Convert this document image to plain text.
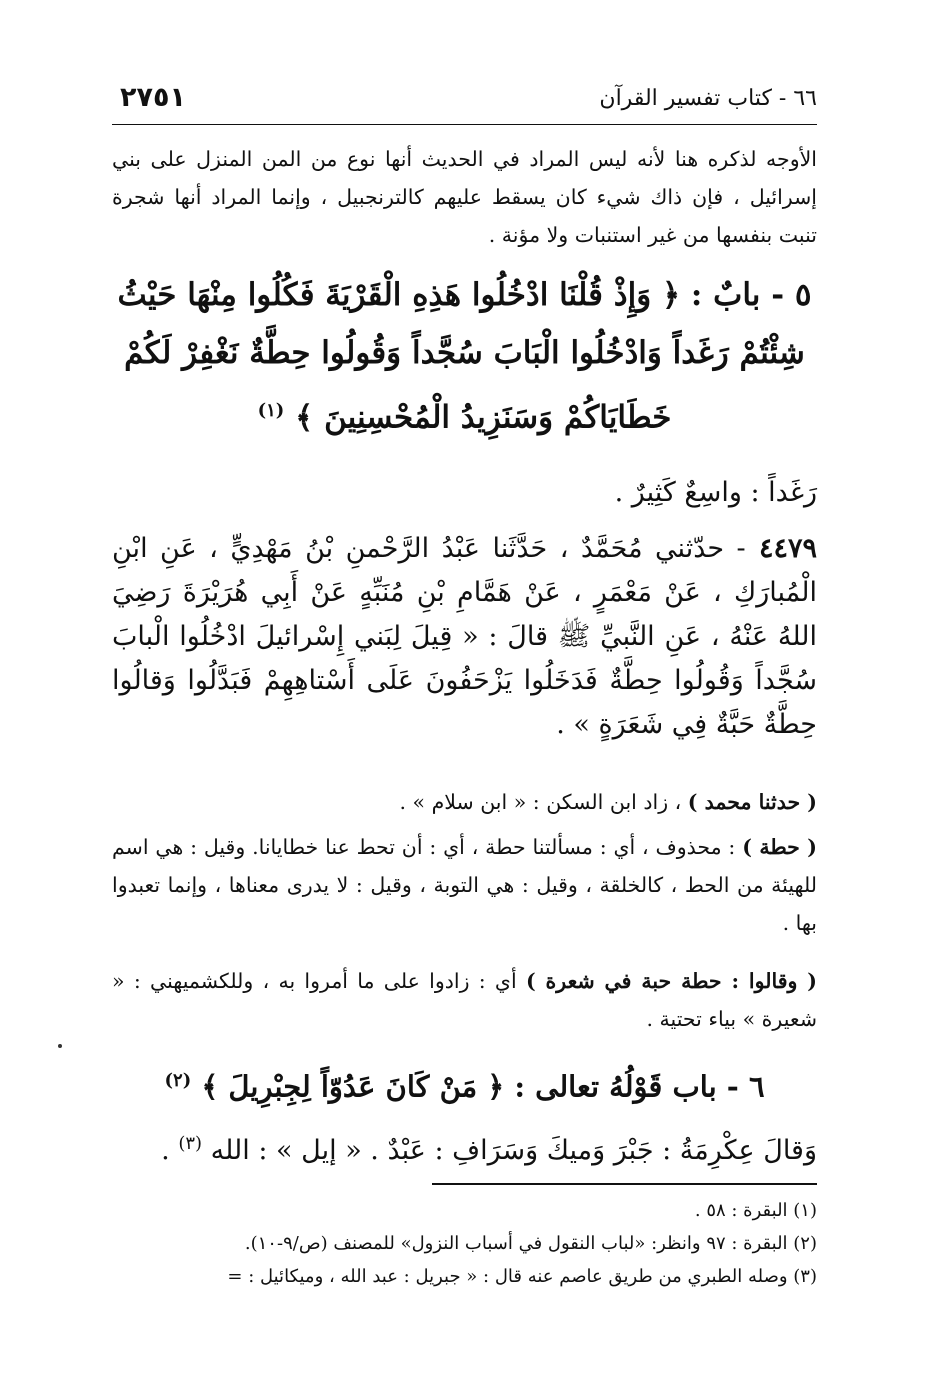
٦٦ - كتاب تفسير القرآن
٢٧٥١
الأوجه لذكره هنا لأنه ليس المراد في الحديث أنها نوع من المن المنزل على بني إسرائيل ، فإن ذاك شيء كان يسقط عليهم كالترنجبيل ، وإنما المراد أنها شجرة تنبت بنفسها من غير استنبات ولا مؤنة .
٥ - بابٌ : ﴿ وَإِذْ قُلْنَا ادْخُلُوا هَذِهِ الْقَرْيَةَ فَكُلُوا مِنْهَا حَيْثُ
شِئْتُمْ رَغَداً وَادْخُلُوا الْبَابَ سُجَّداً وَقُولُوا حِطَّةٌ نَغْفِرْ لَكُمْ
خَطَايَاكُمْ وَسَنَزِيدُ الْمُحْسِنِينَ ﴾ $^{(١)}$
رَغَداً : واسِعٌ كَثِيرٌ .
٤٤٧٩ - حدّثني مُحَمَّدٌ ، حَدَّثَنا عَبْدُ الرَّحْمنِ بْنُ مَهْدِيٍّ ، عَنِ ابْنِ الْمُبارَكِ ، عَنْ مَعْمَرٍ ، عَنْ هَمَّامِ بْنِ مُنَبِّهٍ عَنْ أَبِي هُرَيْرَةَ رَضِيَ اللهُ عَنْهُ ، عَنِ النَّبيِّ ﷺ قالَ : « قِيلَ لِبَني إِسْرائيلَ ادْخُلُوا الْبابَ سُجَّداً وَقُولُوا حِطَّةٌ فَدَخَلُوا يَزْحَفُونَ عَلَى أَسْتاهِهِمْ فَبَدَّلُوا وَقالُوا حِطَّةٌ حَبَّةٌ فِي شَعَرَةٍ » .
( حدثنا محمد ) ، زاد ابن السكن : « ابن سلام » .
( حطة ) : محذوف ، أي : مسألتنا حطة ، أي : أن تحط عنا خطايانا. وقيل : هي اسم للهيئة من الحط ، كالخلقة ، وقيل : هي التوبة ، وقيل : لا يدرى معناها ، وإنما تعبدوا بها .
( وقالوا : حطة حبة في شعرة ) أي : زادوا على ما أمروا به ، وللكشميهني : « شعيرة » بياء تحتية .
٦ - باب قَوْلُهُ تعالى : ﴿ مَنْ كَانَ عَدُوّاً لِجِبْرِيلَ ﴾ $^{(٢)}$
وَقالَ عِكْرِمَةُ : جَبْرَ وَميكَ وَسَرَافِ : عَبْدٌ . « إيل » : الله $^{(٣)}$ .
(١) البقرة : ٥٨ .
(٢) البقرة : ٩٧ وانظر: «لباب النقول في أسباب النزول» للمصنف (ص/٩-١٠).
(٣) وصله الطبري من طريق عاصم عنه قال : « جبريل : عبد الله ، وميكائيل : =
